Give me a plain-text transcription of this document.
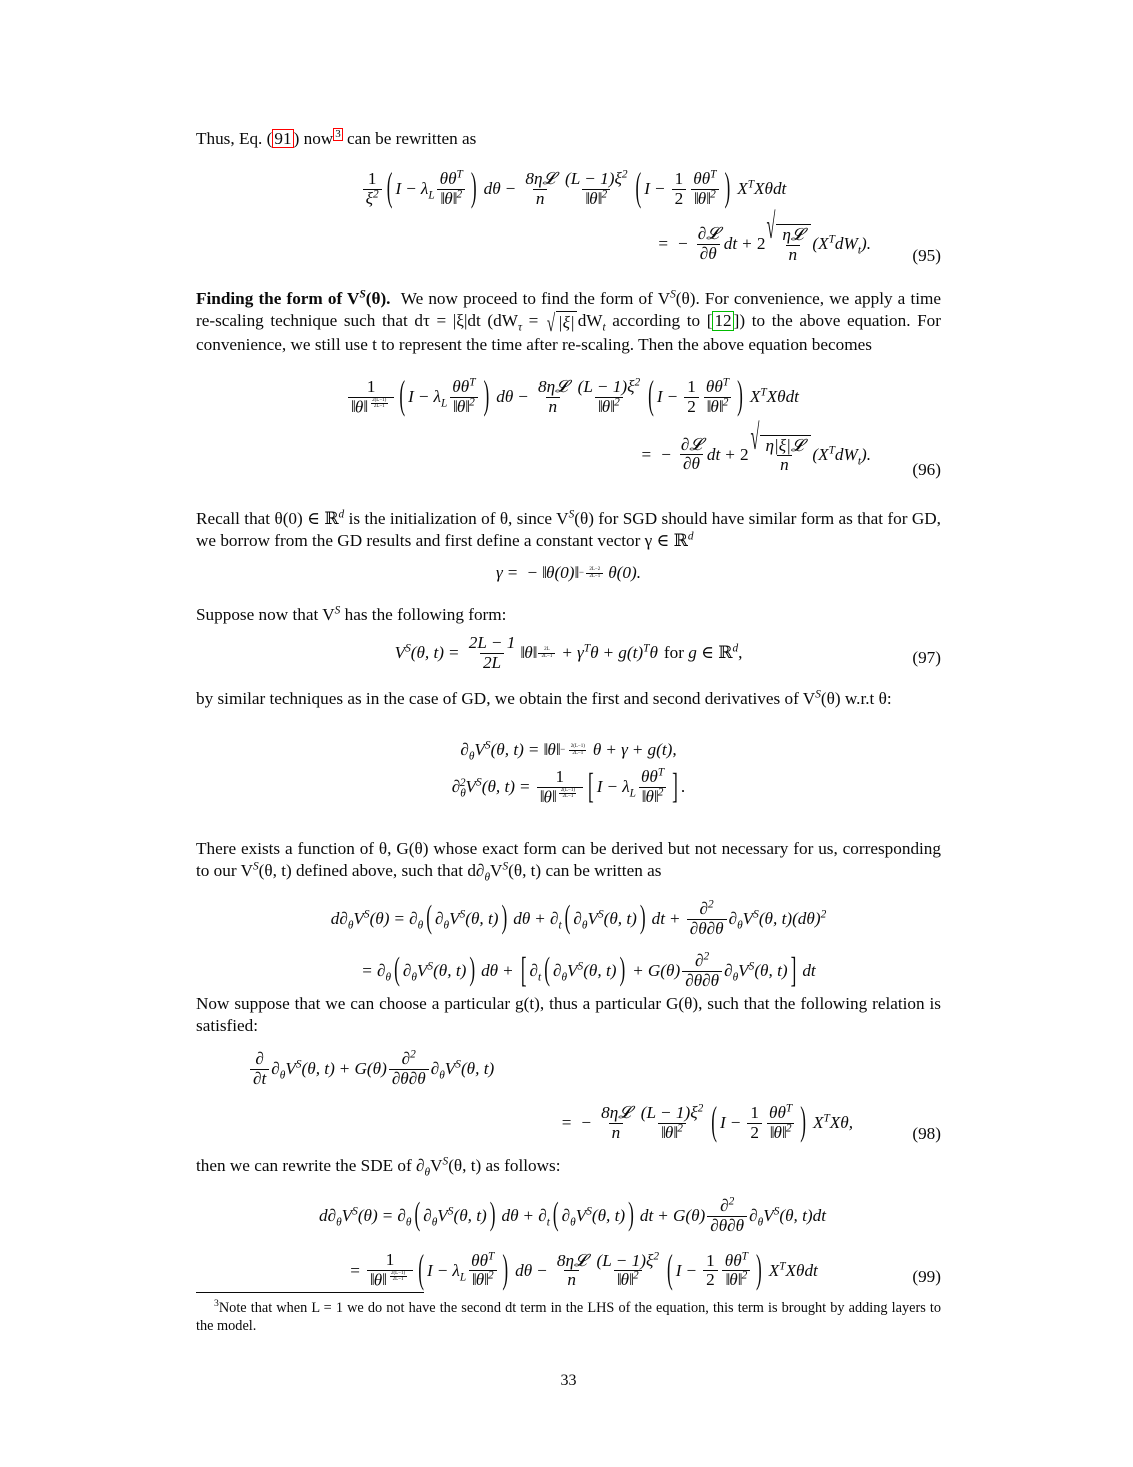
Thus, Eq. ( 91 ) now 3 can be rewritten as
$\frac{1}{\xi^2}$ ( $I - \lambda_L \frac{\theta\theta^T}{‖\theta‖^2}$ ) $d\theta - \frac{\text{8η𝓛}}{n} \frac{(L - 1)\xi^2}{‖\theta‖^2}$ ( $I - \frac{1}{2} \frac{\theta\theta^T}{‖\theta‖^2}$ ) $X^TX\theta dt$
= − $\frac{\text{∂𝓛}}{\partial\theta}$ dt + 2 √ $\frac{\text{η𝓛}}{n} (X^TdW_t)$.
(95)
Finding the form of $V^S(\theta)$. We now proceed to find the form of $V^S(\theta)$. For convenience, we apply a time re-scaling technique such that dτ = |ξ|dt ($dW_\tau$ = √ |ξ| $dW_t$ according to [ 12 ]) to the above equation. For convenience, we still use t to represent the time after re-scaling. Then the above equation becomes
1
‖θ‖ $^{\frac{2(L-1)}{2L-1}}$ ( $I - \lambda_L \frac{\theta\theta^T}{‖\theta‖^2}$ ) $d\theta - \frac{\text{8η𝓛}}{n} \frac{(L - 1)\xi^2}{‖\theta‖^2}$ ( $I - \frac{1}{2} \frac{\theta\theta^T}{‖\theta‖^2}$ ) $X^TX\theta dt$
= − $\frac{\text{∂𝓛}}{\partial\theta}$ dt + 2 √ $\frac{\text{η|ξ|𝓛}}{n} (X^TdW_t)$.
(96)
Recall that θ(0) ∈ ℝ$^d$ is the initialization of θ, since $V^S(\theta)$ for SGD should have similar form as that for GD, we borrow from the GD results and first define a constant vector γ ∈ ℝ$^d$
γ = − ‖θ(0)‖ − $\frac{2L-2}{2L-1} \theta(0)$.
Suppose now that $V^S$ has the following form:
$V^S(\theta$, $t) = \frac{2L - 1}{2L}$ ‖θ‖ $\frac{2L}{2L-1} + \gamma^T\theta + g(t)^T\theta$ for
g
∈
ℝ$^d$,	(97)
by similar techniques as in the case of GD, we obtain the first and second derivatives of $V^S(\theta)$ w.r.t θ:
$\partial_\theta V^S(\theta$, t) = ‖θ‖ − $\frac{2(L-1)}{2L-1}$ θ + γ + g(t),
$\partial_\theta^2V^S(\theta$, t) = 1
‖θ‖ $^{\frac{2(L-1)}{2L-1}}$ [ $I - \lambda_L \frac{\theta\theta^T}{‖\theta‖^2}$ ] .
There exists a function of θ, G(θ) whose exact form can be derived but not necessary for us, corresponding to our $V^S(\theta$, t) defined above, such that $d\partial_\theta V^S(\theta$, t) can be written as
$d\partial_\theta V^S(\theta) = \partial_\theta$ ( $\partial_\theta V^S(\theta$, t) ) $d\theta + \partial_t$ ( $\partial_\theta V^S(\theta$, t) ) dt + $\frac{\partial^2}{\partial\theta\partial\theta} \partial_\theta V^S(\theta$, $t)(d\theta)^2$
= $\partial_\theta$ ( $\partial_\theta V^S(\theta$, t) ) dθ + [ $\partial_t$ ( $\partial_\theta V^S(\theta$, t) ) + $G(\theta) \frac{\partial^2}{\partial\theta\partial\theta} \partial_\theta V^S(\theta$, t) ] dt
Now suppose that we can choose a particular g(t), thus a particular G(θ), such that the following relation is satisfied:
$\frac{\partial}{\partial t} \partial_\theta V^S(\theta$, $t) + G(\theta) \frac{\partial^2}{\partial\theta\partial\theta} \partial_\theta V^S(\theta$, t)
= − $\frac{\text{8η𝓛}}{n} \frac{(L - 1)\xi^2}{‖\theta‖^2}$ ( $I - \frac{1}{2} \frac{\theta\theta^T}{‖\theta‖^2}$ ) $X^TX\theta$,
(98)
then we can rewrite the SDE of $\partial_\theta V^S(\theta$, t) as follows:
$d\partial_\theta V^S(\theta) = \partial_\theta$ ( $\partial_\theta V^S(\theta$, t) ) $d\theta + \partial_t$ ( $\partial_\theta V^S(\theta$, t) ) dt + $G(\theta) \frac{\partial^2}{\partial\theta\partial\theta} \partial_\theta V^S(\theta$, t)dt
= 1
‖θ‖ $^{\frac{2(L-1)}{2L-1}}$ ( $I - \lambda_L \frac{\theta\theta^T}{‖\theta‖^2}$ ) $d\theta - \frac{\text{8η𝓛}}{n} \frac{(L - 1)\xi^2}{‖\theta‖^2}$ ( $I - \frac{1}{2} \frac{\theta\theta^T}{‖\theta‖^2}$ ) $X^TX\theta dt$	(99)
$^3$Note that when L = 1 we do not have the second dt term in the LHS of the equation, this term is brought by adding layers to the model.
33
